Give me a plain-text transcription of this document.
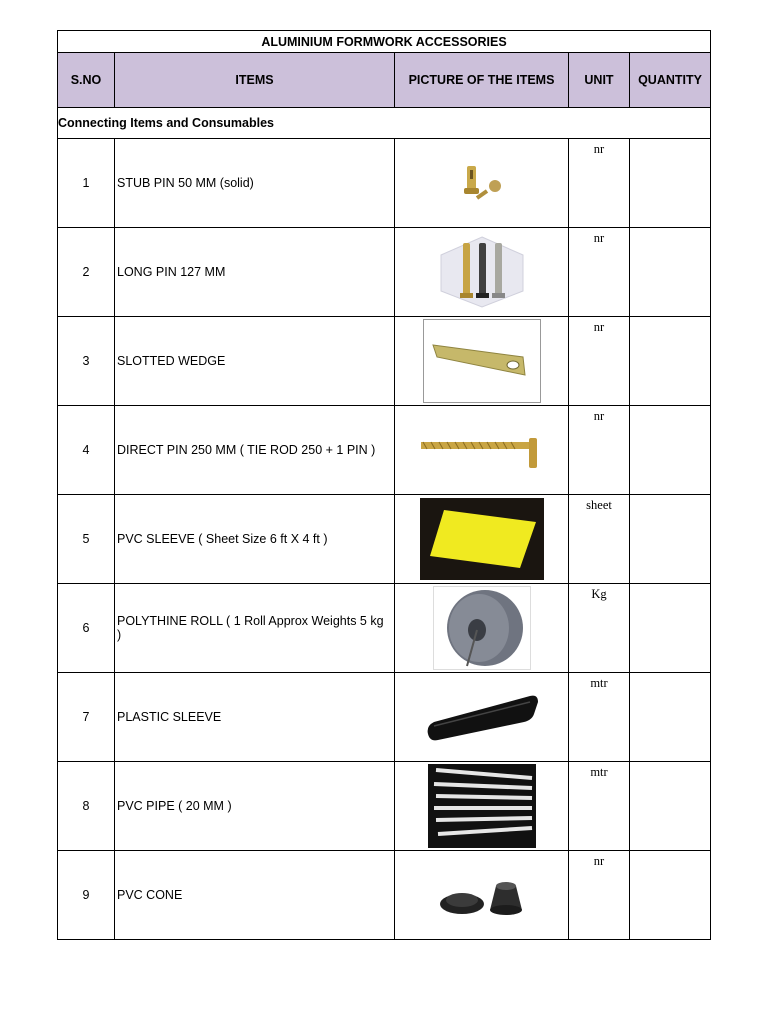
ALUMINIUM FORMWORK ACCESSORIES				
S.NO	ITEMS	PICTURE OF THE ITEMS	UNIT	QUANTITY
Connecting Items and Consumables				
1	STUB PIN 50 MM (solid)		nr	
2	LONG PIN 127 MM		nr	
3	SLOTTED WEDGE		nr	
4	DIRECT PIN 250 MM ( TIE ROD 250 + 1 PIN )		nr	
5	PVC SLEEVE ( Sheet Size 6 ft X 4 ft )		sheet	
6	POLYTHINE ROLL ( 1 Roll Approx Weights 5 kg )		Kg	
7	PLASTIC SLEEVE		mtr	
8	PVC PIPE ( 20 MM )		mtr	
9	PVC CONE		nr	
